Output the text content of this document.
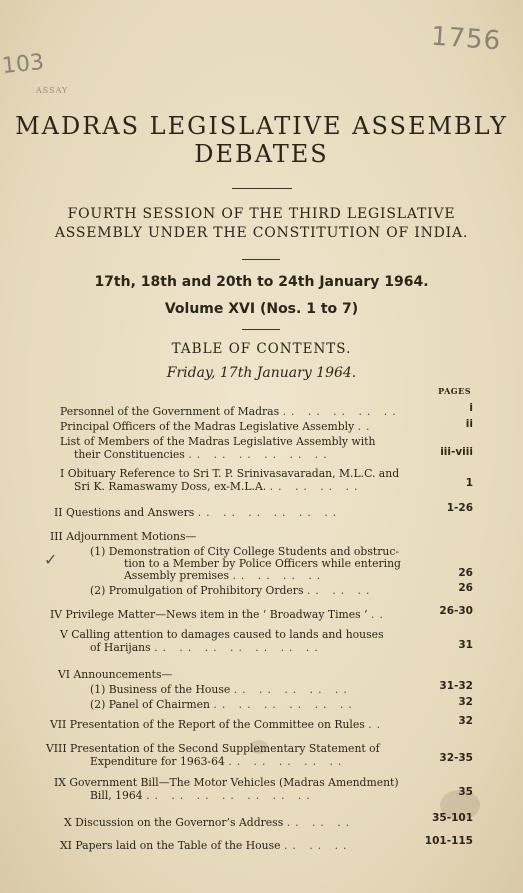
1756
103
ASSAY
MADRAS LEGISLATIVE ASSEMBLY
DEBATES
FOURTH SESSION OF THE THIRD LEGISLATIVE
ASSEMBLY UNDER THE CONSTITUTION OF INDIA.
17th, 18th and 20th to 24th January 1964.
Volume XVI (Nos. 1 to 7)
TABLE OF CONTENTS.
Friday, 17th January 1964.
PAGES
✓
Personnel of the Government of Madras .. .. .. .. ..	i
Principal Officers of the Madras Legislative Assembly ..	ii
List of Members of the Madras Legislative Assembly with
their Constituencies .. .. .. .. .. ..	iii-viii
I Obituary Reference to Sri T. P. Srinivasavaradan, M.L.C. and
Sri K. Ramaswamy Doss, ex-M.L.A. .. .. .. ..	1
II Questions and Answers .. .. .. .. .. ..	1-26
III Adjournment Motions—
(1) Demonstration of City College Students and obstruc-
tion to a Member by Police Officers while entering
Assembly premises .. .. .. ..	26
(2) Promulgation of Prohibitory Orders .. .. ..	26
IV Privilege Matter—News item in the ‘ Broadway Times ’ ..	26-30
V Calling attention to damages caused to lands and houses
of Harijans .. .. .. .. .. .. ..	31
VI Announcements—
(1) Business of the House .. .. .. .. ..	31-32
(2) Panel of Chairmen .. .. .. .. .. ..	32
VII Presentation of the Report of the Committee on Rules ..	32
VIII Presentation of the Second Supplementary Statement of
Expenditure for 1963-64 .. .. .. .. ..	32-35
IX Government Bill—The Motor Vehicles (Madras Amendment)
Bill, 1964 .. .. .. .. .. .. ..	35
X Discussion on the Governor’s Address .. .. ..	35-101
XI Papers laid on the Table of the House .. .. ..	101-115
